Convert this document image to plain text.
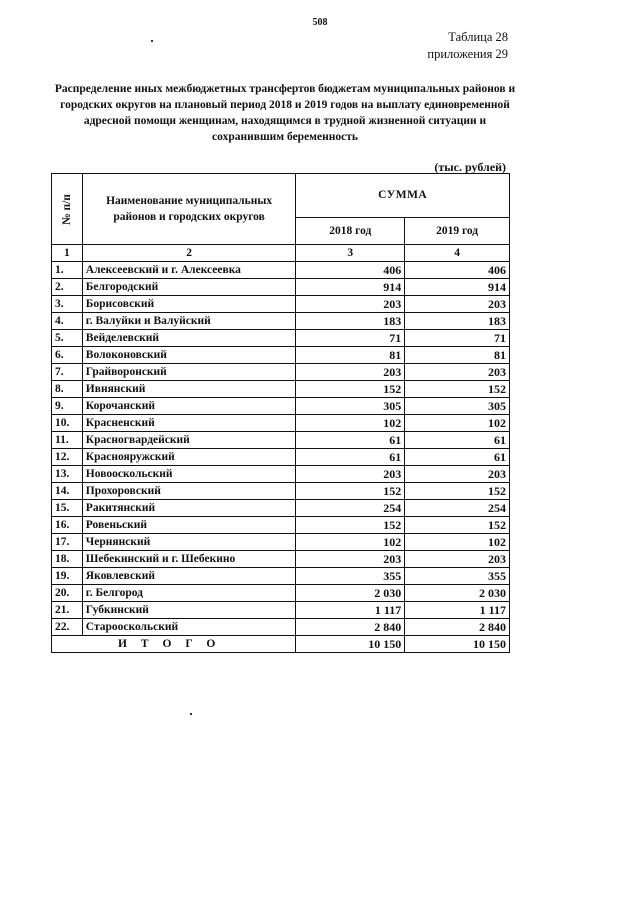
508
Таблица 28
приложения 29

Распределение иных межбюджетных трансфертов бюджетам муниципальных районов и городских округов на плановый период 2018 и 2019 годов на выплату единовременной адресной помощи женщинам, находящимся в трудной жизненной ситуации и сохранившим беременность

(тыс. рублей)
№ п/п	Наименование муниципальных районов и городских округов	СУММА	
		2018 год	2019 год
1	2	3	4
1.	Алексеевский и г. Алексеевка	406	406
2.	Белгородский	914	914
3.	Борисовский	203	203
4.	г. Валуйки и Валуйский	183	183
5.	Вейделевский	71	71
6.	Волоконовский	81	81
7.	Грайворонский	203	203
8.	Ивнянский	152	152
9.	Корочанский	305	305
10.	Красненский	102	102
11.	Красногвардейский	61	61
12.	Краснояружский	61	61
13.	Новооскольский	203	203
14.	Прохоровский	152	152
15.	Ракитянский	254	254
16.	Ровеньский	152	152
17.	Чернянский	102	102
18.	Шебекинский и г. Шебекино	203	203
19.	Яковлевский	355	355
20.	г. Белгород	2 030	2 030
21.	Губкинский	1 117	1 117
22.	Старооскольский	2 840	2 840
ИТОГО		10 150	10 150
